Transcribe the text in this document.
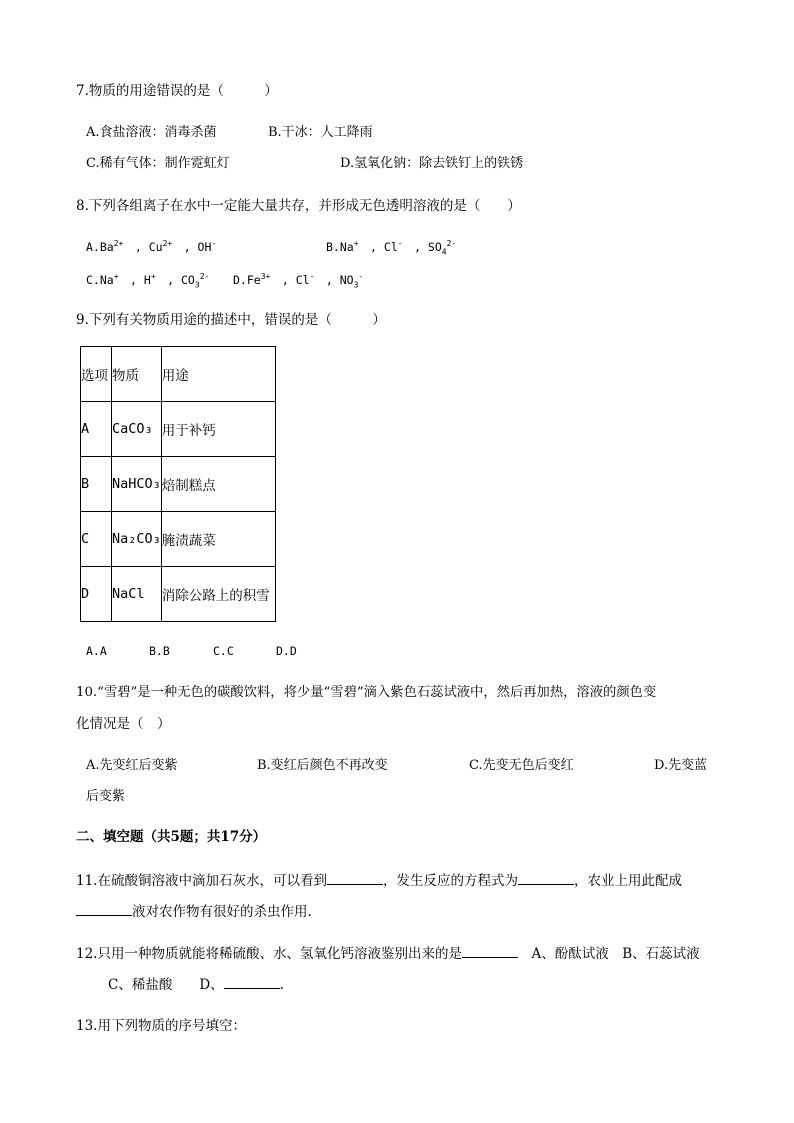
7.物质的用途错误的是（　　　）
A.食盐溶液：消毒杀菌	B.干冰：人工降雨
C.稀有气体：制作霓虹灯	D.氢氧化钠：除去铁钉上的铁锈
8.下列各组离子在水中一定能大量共存，并形成无色透明溶液的是（　　）
$A.Ba^{2+}$　, $Cu^{2+}$　, OH-	B.Na+　, Cl-　, $SO_4^{2-}$
C.Na+　, H+　, $CO_3^{2-}$ $D.Fe^{3+}$　, Cl-　, $NO_3^-$
9.下列有关物质用途的描述中，错误的是（　　　）
选项	物质	用途
A	CaCO₃	用于补钙
B	NaHCO₃	焙制糕点
C	Na₂CO₃	腌渍蔬菜
D	NaCl	消除公路上的积雪
A.A	B.B	C.C	D.D
10.“雪碧”是一种无色的碳酸饮料，将少量“雪碧”滴入紫色石蕊试液中，然后再加热，溶液的颜色变
化情况是（　）
A.先变红后变紫	B.变红后颜色不再改变	C.先变无色后变红	D.先变蓝
后变紫
二、填空题（共5题；共17分）
11.在硫酸铜溶液中滴加石灰水，可以看到	，发生反应的方程式为	，农业上用此配成
液对农作物有很好的杀虫作用.
12.只用一种物质就能将稀硫酸、水、氢氧化钙溶液鉴别出来的是	　A、酚酞试液　B、石蕊试液
C、稀盐酸　　D、	.
13.用下列物质的序号填空：
